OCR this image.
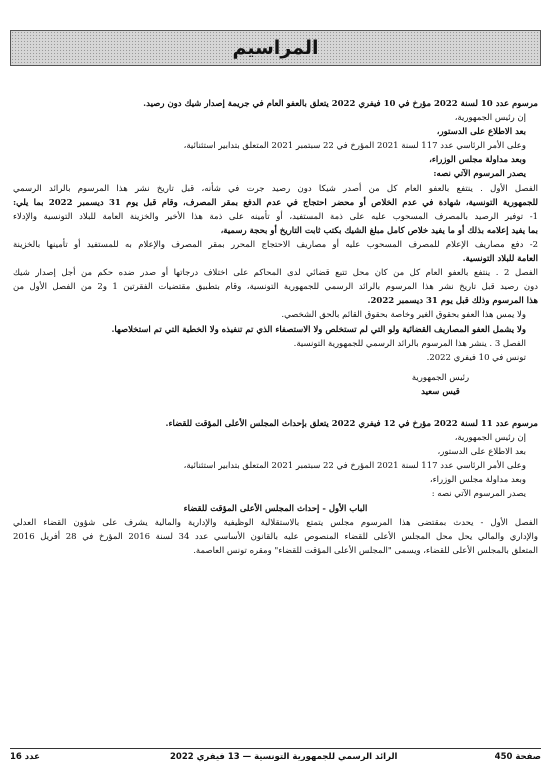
المراسيم
مرسوم عدد 10 لسنة 2022 مؤرخ في 10 فيفري 2022 يتعلق بالعفو العام في جريمة إصدار شيك دون رصيد.
إن رئيس الجمهورية،
بعد الاطلاع على الدستور،
وعلى الأمر الرئاسي عدد 117 لسنة 2021 المؤرخ في 22 سبتمبر 2021 المتعلق بتدابير استثنائية،
وبعد مداولة مجلس الوزراء،
يصدر المرسوم الآتي نصه:
الفصل الأول . ينتفع بالعفو العام كل من أصدر شيكا دون رصيد جرت في شأنه، قبل تاريخ نشر هذا المرسوم بالرائد الرسمي
للجمهورية التونسية، شهادة في عدم الخلاص أو محضر احتجاج في عدم الدفع بمقر المصرف، وقام قبل يوم 31 ديسمبر 2022 بما يلي:
1- توفير الرصيد بالمصرف المسحوب عليه على ذمة المستفيد، أو تأمينه على ذمة هذا الأخير والخزينة العامة للبلاد التونسية والإدلاء
بما يفيد إعلامه بذلك أو ما يفيد خلاص كامل مبلغ الشيك بكتب ثابت التاريخ أو بحجة رسمية،
2- دفع مصاريف الإعلام للمصرف المسحوب عليه أو مصاريف الاحتجاج المحرر بمقر المصرف والإعلام به للمستفيد أو تأمينها بالخزينة
العامة للبلاد التونسية.
الفصل 2 . ينتفع بالعفو العام كل من كان محل تتبع قضائي لدى المحاكم على اختلاف درجاتها أو صدر ضده حكم من أجل إصدار شيك
دون رصيد قبل تاريخ نشر هذا المرسوم بالرائد الرسمي للجمهورية التونسية، وقام بتطبيق مقتضيات الفقرتين 1 و2 من الفصل الأول من
هذا المرسوم وذلك قبل يوم 31 ديسمبر 2022.
ولا يمس هذا العفو بحقوق الغير وخاصة بحقوق القائم بالحق الشخصي.
ولا يشمل العفو المصاريف القضائية ولو التي لم تستخلص ولا الاستصفاء الذي تم تنفيذه ولا الخطية التي تم استخلاصها.
الفصل 3 . ينشر هذا المرسوم بالرائد الرسمي للجمهورية التونسية.
تونس في 10 فيفري 2022.
رئيس الجمهورية
قيس سعيد
مرسوم عدد 11 لسنة 2022 مؤرخ في 12 فيفري 2022 يتعلق بإحداث المجلس الأعلى المؤقت للقضاء.
إن رئيس الجمهورية،
بعد الاطلاع على الدستور،
وعلى الأمر الرئاسي عدد 117 لسنة 2021 المؤرخ في 22 سبتمبر 2021 المتعلق بتدابير استثنائية،
وبعد مداولة مجلس الوزراء،
يصدر المرسوم الآتي نصه :
الباب الأول - إحداث المجلس الأعلى المؤقت للقضاء
الفصل الأول - يحدث بمقتضى هذا المرسوم مجلس يتمتع بالاستقلالية الوظيفية والإدارية والمالية يشرف على شؤون القضاء العدلي
والإداري والمالي يحل محل المجلس الأعلى للقضاء المنصوص عليه بالقانون الأساسي عدد 34 لسنة 2016 المؤرخ في 28 أفريل 2016
المتعلق بالمجلس الأعلى للقضاء، ويسمى "المجلس الأعلى المؤقت للقضاء" ومقره تونس العاصمة.
عدد 16	الرائد الرسمي للجمهورية التونسية — 13 فيفري 2022	صفحة 450
